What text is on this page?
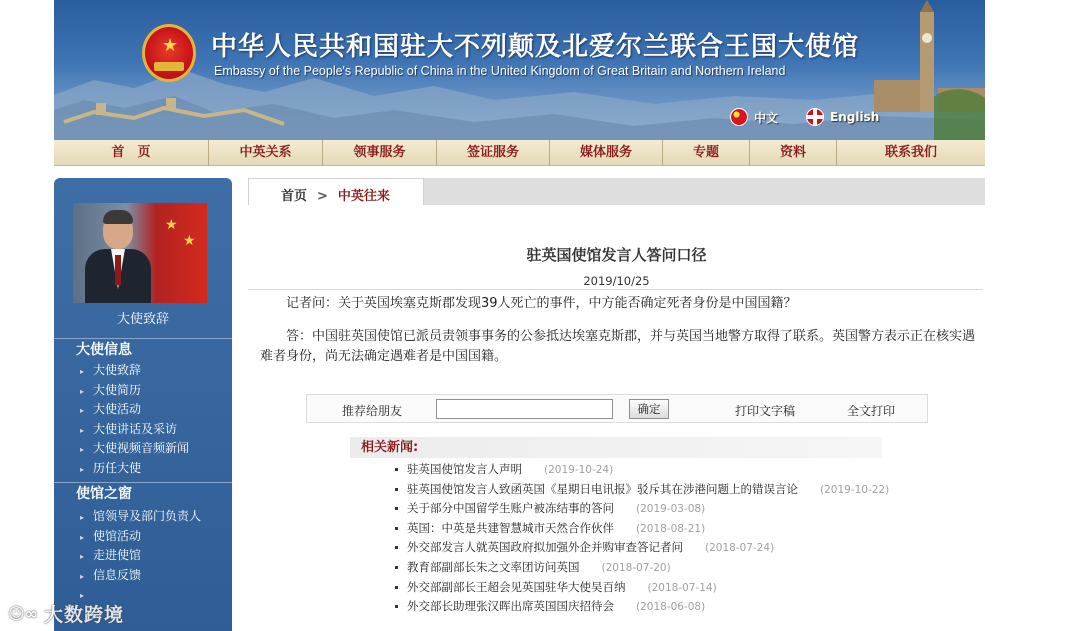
★ 中华人民共和国驻大不列颠及北爱尔兰联合王国大使馆
Embassy of the People's Republic of China in the United Kingdom of Great Britain and Northern Ireland
中文	English
首　页	中英关系	领事服务	签证服务	媒体服务	专题	资料	联系我们
★
★
大使致辞
大使信息
▸ 大使致辞
▸ 大使简历
▸ 大使活动
▸ 大使讲话及采访
▸ 大使视频音频新闻
▸ 历任大使
使馆之窗
▸ 馆领导及部门负责人
▸ 使馆活动
▸ 走进使馆
▸ 信息反馈
▸
首页 > 中英往来
驻英国使馆发言人答问口径
2019/10/25
记者问：关于英国埃塞克斯郡发现39人死亡的事件，中方能否确定死者身份是中国国籍？
答：中国驻英国使馆已派员责领事事务的公参抵达埃塞克斯郡，并与英国当地警方取得了联系。英国警方表示正在核实遇难者身份，尚无法确定遇难者是中国国籍。
推荐给朋友	确定	打印文字稿	全文打印
相关新闻:
驻英国使馆发言人声明 (2019-10-24)
驻英国使馆发言人致函英国《星期日电讯报》驳斥其在涉港问题上的错误言论 (2019-10-22)
关于部分中国留学生账户被冻结事的答问 (2019-03-08)
英国：中英是共建智慧城市天然合作伙伴 (2018-08-21)
外交部发言人就英国政府拟加强外企并购审查答记者问 (2018-07-24)
教育部副部长朱之文率团访问英国 (2018-07-20)
外交部副部长王超会见英国驻华大使吴百纳 (2018-07-14)
外交部长助理张汉晖出席英国国庆招待会 (2018-06-08)
☺∞ 大数跨境
